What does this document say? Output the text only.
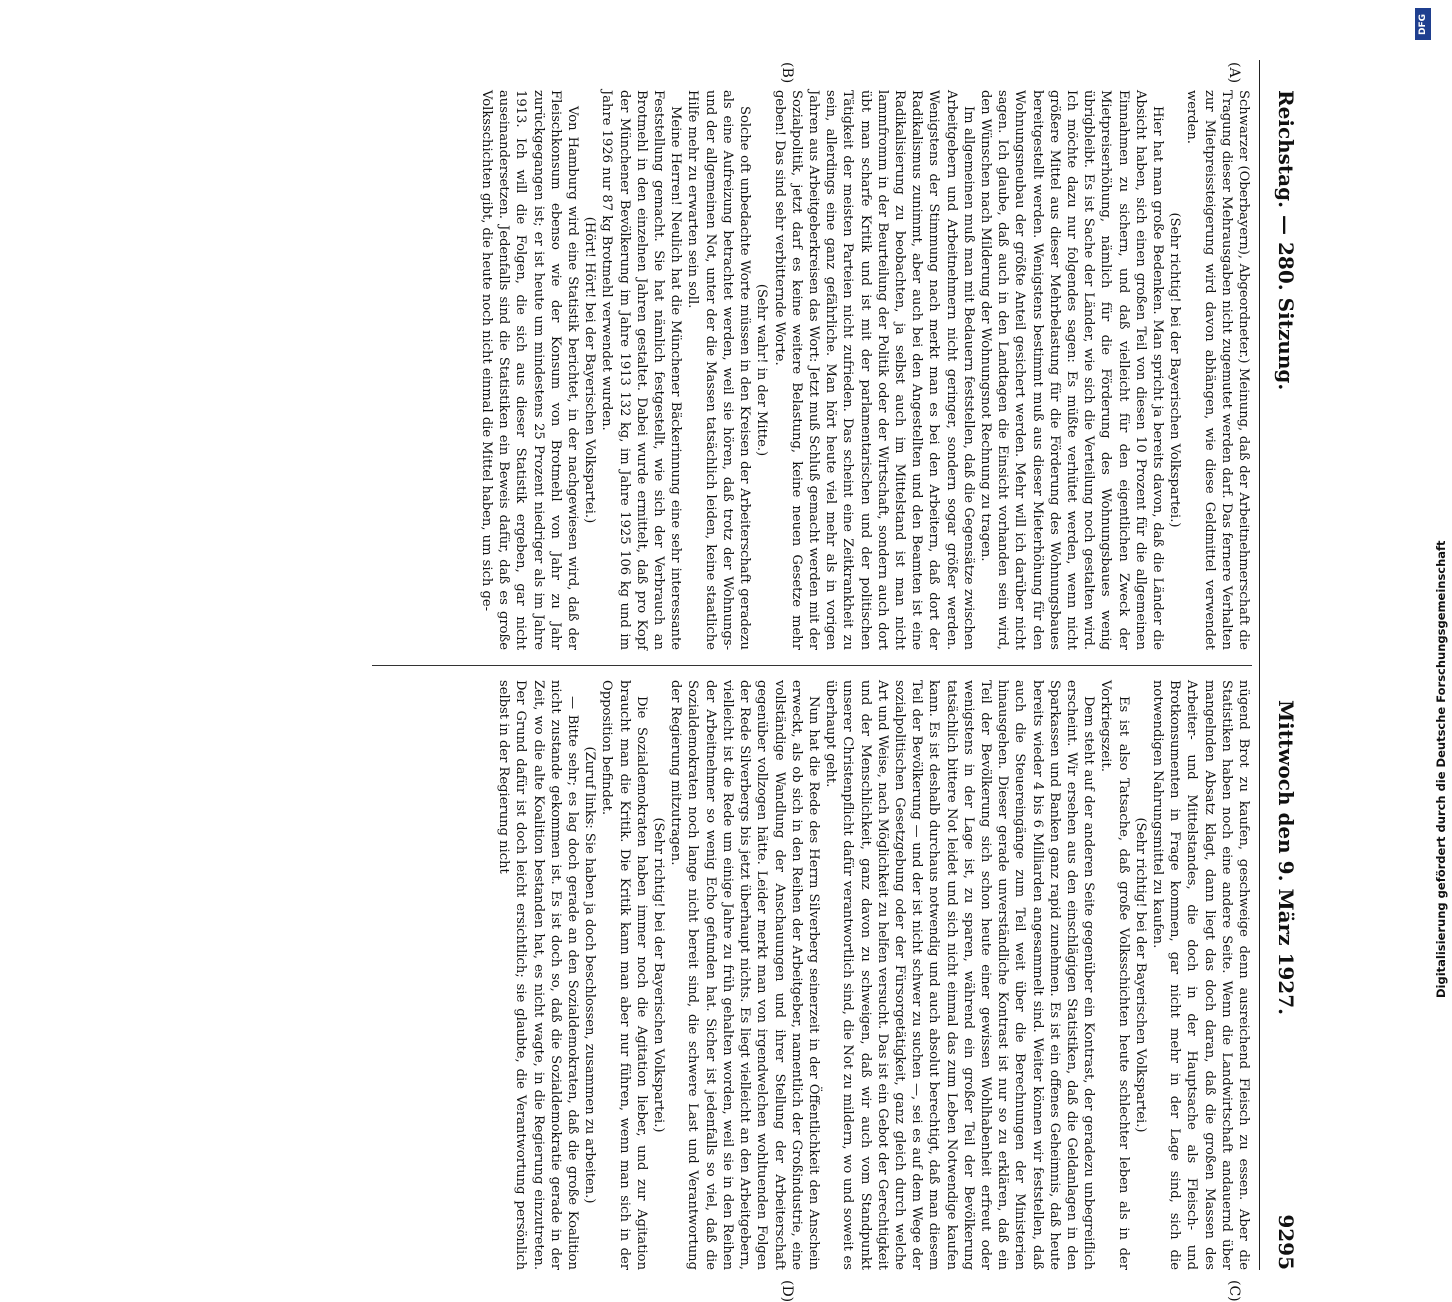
Reichstag. — 280. Sitzung.
Mittwoch den 9. März 1927.
9295
(A)
(B)
(C)
(D)

Schwarzer (Oberbayern), Abgeordneter.) Meinung, daß der Arbeitnehmerschaft die Tragung dieser Mehrausgaben nicht zugemutet werden darf. Das fernere Verhalten zur Mietpreissteigerung wird davon abhängen, wie diese Geldmittel verwendet werden.

(Sehr richtig! bei der Bayerischen Volkspartei.)

Hier hat man große Bedenken. Man spricht ja bereits davon, daß die Länder die Absicht haben, sich einen großen Teil von diesen 10 Prozent für die allgemeinen Einnahmen zu sichern, und daß vielleicht für den eigentlichen Zweck der Mietpreiserhöhung, nämlich für die Förderung des Wohnungsbaues wenig übrigbleibt. Es ist Sache der Länder, wie sich die Verteilung noch gestalten wird. Ich möchte dazu nur folgendes sagen: Es müßte verhütet werden, wenn nicht größere Mittel aus dieser Mehrbelastung für die Förderung des Wohnungsbaues bereitgestellt werden. Wenigstens bestimmt muß aus dieser Mieterhöhung für den Wohnungsneubau der größte Anteil gesichert werden. Mehr will ich darüber nicht sagen. Ich glaube, daß auch in den Landtagen die Einsicht vorhanden sein wird, den Wünschen nach Milderung der Wohnungsnot Rechnung zu tragen.

Im allgemeinen muß man mit Bedauern feststellen, daß die Gegensätze zwischen Arbeitgebern und Arbeitnehmern nicht geringer, sondern sogar größer werden. Wenigstens der Stimmung nach merkt man es bei den Arbeitern, daß dort der Radikalismus zunimmt, aber auch bei den Angestellten und den Beamten ist eine Radikalisierung zu beobachten, ja selbst auch im Mittelstand ist man nicht lammfromm in der Beurteilung der Politik oder der Wirtschaft, sondern auch dort übt man scharfe Kritik und ist mit der parlamentarischen und der politischen Tätigkeit der meisten Parteien nicht zufrieden. Das scheint eine Zeitkrankheit zu sein, allerdings eine ganz gefährliche. Man hört heute viel mehr als in vorigen Jahren aus Arbeitgeberkreisen das Wort: Jetzt muß Schluß gemacht werden mit der Sozialpolitik, jetzt darf es keine weitere Belastung, keine neuen Gesetze mehr geben! Das sind sehr verbitternde Worte.

(Sehr wahr! in der Mitte.)

Solche oft unbedachte Worte müssen in den Kreisen der Arbeiterschaft geradezu als eine Aufreizung betrachtet werden, weil sie hören, daß trotz der Wohnungs- und der allgemeinen Not, unter der die Massen tatsächlich leiden, keine staatliche Hilfe mehr zu erwarten sein soll.

Meine Herren! Neulich hat die Münchener Bäckerinnung eine sehr interessante Feststellung gemacht. Sie hat nämlich festgestellt, wie sich der Verbrauch an Brotmehl in den einzelnen Jahren gestaltet. Dabei wurde ermittelt, daß pro Kopf der Münchener Bevölkerung im Jahre 1913 132 kg, im Jahre 1925 106 kg und im Jahre 1926 nur 87 kg Brotmehl verwendet wurden.

(Hört! Hört! bei der Bayerischen Volkspartei.)

Von Hamburg wird eine Statistik berichtet, in der nachgewiesen wird, daß der Fleischkonsum ebenso wie der Konsum von Brotmehl von Jahr zu Jahr zurückgegangen ist; er ist heute um mindestens 25 Prozent niedriger als im Jahre 1913. Ich will die Folgen, die sich aus dieser Statistik ergeben, gar nicht auseinandersetzen. Jedenfalls sind die Statistiken ein Beweis dafür, daß es große Volksschichten gibt, die heute noch nicht einmal die Mittel haben, um sich ge-

nügend Brot zu kaufen, geschweige denn ausreichend Fleisch zu essen. Aber die Statistiken haben noch eine andere Seite. Wenn die Landwirtschaft andauernd über mangelnden Absatz klagt, dann liegt das doch daran, daß die großen Massen des Arbeiter- und Mittelstandes, die doch in der Hauptsache als Fleisch- und Brotkonsumenten in Frage kommen, gar nicht mehr in der Lage sind, sich die notwendigen Nahrungsmittel zu kaufen.

(Sehr richtig! bei der Bayerischen Volkspartei.)

Es ist also Tatsache, daß große Volksschichten heute schlechter leben als in der Vorkriegszeit.

Dem steht auf der anderen Seite gegenüber ein Kontrast, der geradezu unbegreiflich erscheint. Wir ersehen aus den einschlägigen Statistiken, daß die Geldanlagen in den Sparkassen und Banken ganz rapid zunehmen. Es ist ein offenes Geheimnis, daß heute bereits wieder 4 bis 6 Milliarden angesammelt sind. Weiter können wir feststellen, daß auch die Steuereingänge zum Teil weit über die Berechnungen der Ministerien hinausgehen. Dieser gerade unverständliche Kontrast ist nur so zu erklären, daß ein Teil der Bevölkerung sich schon heute einer gewissen Wohlhabenheit erfreut oder wenigstens in der Lage ist, zu sparen, während ein großer Teil der Bevölkerung tatsächlich bittere Not leidet und sich nicht einmal das zum Leben Notwendige kaufen kann. Es ist deshalb durchaus notwendig und auch absolut berechtigt, daß man diesem Teil der Bevölkerung — und der ist nicht schwer zu suchen —, sei es auf dem Wege der sozialpolitischen Gesetzgebung oder der Fürsorgetätigkeit, ganz gleich durch welche Art und Weise, nach Möglichkeit zu helfen versucht. Das ist ein Gebot der Gerechtigkeit und der Menschlichkeit, ganz davon zu schweigen, daß wir auch vom Standpunkt unserer Christenpflicht dafür verantwortlich sind, die Not zu mildern, wo und soweit es überhaupt geht.

Nun hat die Rede des Herrn Silverberg seinerzeit in der Öffentlichkeit den Anschein erweckt, als ob sich in den Reihen der Arbeitgeber, namentlich der Großindustrie, eine vollständige Wandlung der Anschauungen und ihrer Stellung der Arbeiterschaft gegenüber vollzogen hätte. Leider merkt man von irgendwelchen wohltuenden Folgen der Rede Silverbergs bis jetzt überhaupt nichts. Es liegt vielleicht an den Arbeitgebern, vielleicht ist die Rede um einige Jahre zu früh gehalten worden, weil sie in den Reihen der Arbeitnehmer so wenig Echo gefunden hat. Sicher ist jedenfalls so viel, daß die Sozialdemokraten noch lange nicht bereit sind, die schwere Last und Verantwortung der Regierung mitzutragen.

(Sehr richtig! bei der Bayerischen Volkspartei.)

Die Sozialdemokraten haben immer noch die Agitation lieber, und zur Agitation braucht man die Kritik. Die Kritik kann man aber nur führen, wenn man sich in der Opposition befindet.

(Zuruf links: Sie haben ja doch beschlossen, zusammen zu arbeiten.)

— Bitte sehr; es lag doch gerade an den Sozialdemokraten, daß die große Koalition nicht zustande gekommen ist. Es ist doch so, daß die Sozialdemokratie gerade in der Zeit, wo die alte Koalition bestanden hat, es nicht wagte, in die Regierung einzutreten. Der Grund dafür ist doch leicht ersichtlich; sie glaubte, die Verantwortung persönlich selbst in der Regierung nicht	Digitalisierung gefördert durch die Deutsche Forschungsgemeinschaft
DFG
